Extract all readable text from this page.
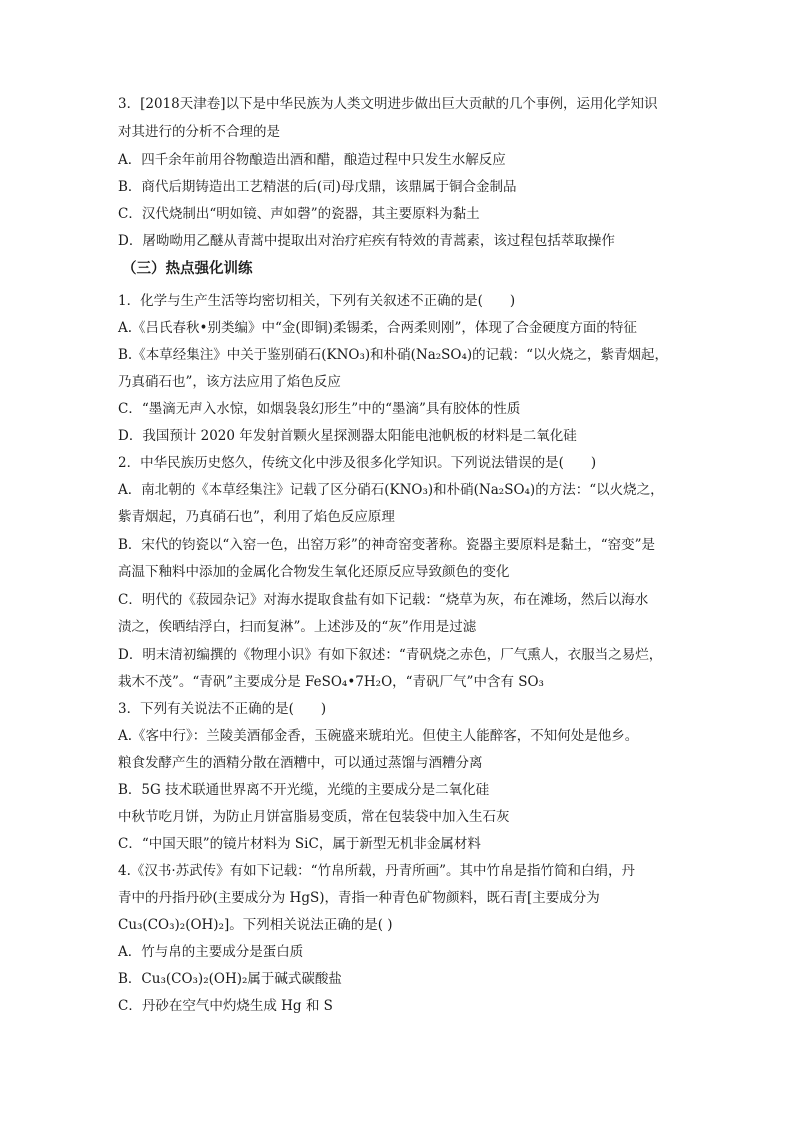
3．[2018天津卷]以下是中华民族为人类文明进步做出巨大贡献的几个事例，运用化学知识
对其进行的分析不合理的是
A．四千余年前用谷物酿造出酒和醋，酿造过程中只发生水解反应
B．商代后期铸造出工艺精湛的后(司)母戊鼎，该鼎属于铜合金制品
C．汉代烧制出“明如镜、声如磬”的瓷器，其主要原料为黏土
D．屠呦呦用乙醚从青蒿中提取出对治疗疟疾有特效的青蒿素，该过程包括萃取操作
（三）热点强化训练
1．化学与生产生活等均密切相关，下列有关叙述不正确的是(　　)
A.《吕氏春秋•别类编》中“金(即铜)柔锡柔，合两柔则刚”，体现了合金硬度方面的特征
B.《本草经集注》中关于鉴别硝石(KNO₃)和朴硝(Na₂SO₄)的记载：“以火烧之，紫青烟起，
乃真硝石也”，该方法应用了焰色反应
C．“墨滴无声入水惊，如烟袅袅幻形生”中的“墨滴”具有胶体的性质
D．我国预计 2020 年发射首颗火星探测器太阳能电池帆板的材料是二氧化硅
2．中华民族历史悠久，传统文化中涉及很多化学知识。下列说法错误的是(　　)
A．南北朝的《本草经集注》记载了区分硝石(KNO₃)和朴硝(Na₂SO₄)的方法：“以火烧之，
紫青烟起，乃真硝石也”，利用了焰色反应原理
B．宋代的钧瓷以“入窑一色，出窑万彩”的神奇窑变著称。瓷器主要原料是黏土，“窑变”是
高温下釉料中添加的金属化合物发生氧化还原反应导致颜色的变化
C．明代的《菽园杂记》对海水提取食盐有如下记载：“烧草为灰，布在滩场，然后以海水
渍之，俟晒结浮白，扫而复淋”。上述涉及的“灰”作用是过滤
D．明末清初编撰的《物理小识》有如下叙述：“青矾烧之赤色，厂气熏人，衣服当之易烂，
栽木不茂”。“青矾”主要成分是 FeSO₄•7H₂O，“青矾厂气”中含有 SO₃
3．下列有关说法不正确的是(　　)
A.《客中行》：兰陵美酒郁金香，玉碗盛来琥珀光。但使主人能醉客，不知何处是他乡。
粮食发酵产生的酒精分散在酒糟中，可以通过蒸馏与酒糟分离
B．5G 技术联通世界离不开光缆，光缆的主要成分是二氧化硅
中秋节吃月饼，为防止月饼富脂易变质，常在包装袋中加入生石灰
C．“中国天眼”的镜片材料为 SiC，属于新型无机非金属材料
4.《汉书·苏武传》有如下记载：“竹帛所载，丹青所画”。其中竹帛是指竹简和白绢，丹
青中的丹指丹砂(主要成分为 HgS)，青指一种青色矿物颜料，既石青[主要成分为
Cu₃(CO₃)₂(OH)₂]。下列相关说法正确的是( )
A．竹与帛的主要成分是蛋白质
B．Cu₃(CO₃)₂(OH)₂属于碱式碳酸盐
C．丹砂在空气中灼烧生成 Hg 和 S
